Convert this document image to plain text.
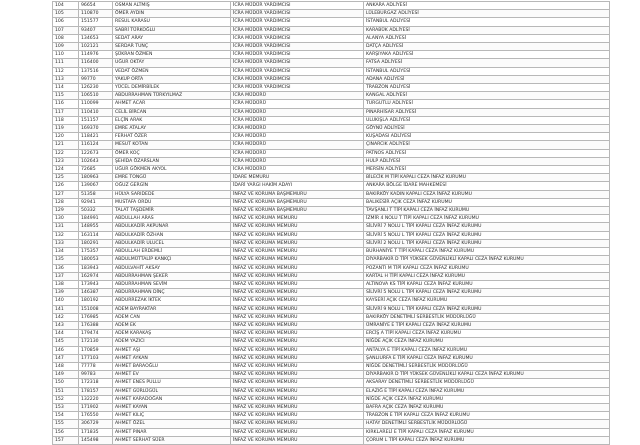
104	96654	OSMAN ALTMIŞ	İCRA MÜDÜR YARDIMCISI	ANKARA ADLİYESİ
105	110870	ÖMER AYDIN	İCRA MÜDÜR YARDIMCISI	LÜLEBURGAZ ADLİYESİ
106	151577	RESUL KARASU	İCRA MÜDÜR YARDIMCISI	İSTANBUL ADLİYESİ
107	93407	SABRİ TÜRKOĞLU	İCRA MÜDÜR YARDIMCISI	KARABÜK ADLİYESİ
108	134653	SEDAT ARAY	İCRA MÜDÜR YARDIMCISI	ALANYA ADLİYESİ
109	102121	SERDAR TUNÇ	İCRA MÜDÜR YARDIMCISI	DATÇA ADLİYESİ
110	114976	ŞÜKRAN ÖZMEN	İCRA MÜDÜR YARDIMCISI	KARŞIYAKA ADLİYESİ
111	116400	UĞUR OKTAY	İCRA MÜDÜR YARDIMCISI	FATSA ADLİYESİ
112	137516	VEDAT ÖZMEN	İCRA MÜDÜR YARDIMCISI	İSTANBUL ADLİYESİ
113	99770	YAKUP ORTA	İCRA MÜDÜR YARDIMCISI	ADANA ADLİYESİ
114	126230	YÜCEL DEMİRBİLEK	İCRA MÜDÜR YARDIMCISI	TRABZON ADLİYESİ
115	106510	ABDURRAHMAN TÜRKYILMAZ	İCRA MÜDÜRÜ	KANGAL ADLİYESİ
116	110099	AHMET ACAR	İCRA MÜDÜRÜ	TURGUTLU ADLİYESİ
117	110410	CELİL BİRCAN	İCRA MÜDÜRÜ	PINARHİSAR ADLİYESİ
118	151157	ELÇİN ARAK	İCRA MÜDÜRÜ	ULUKIŞLA ADLİYESİ
119	169370	EMRE ATALAY	İCRA MÜDÜRÜ	GÖYNÜ ADLİYESİ
120	118421	FERHAT ÖZER	İCRA MÜDÜRÜ	KUŞADASI ADLİYESİ
121	116124	MESUT KOTAN	İCRA MÜDÜRÜ	ÇINARCIK ADLİYESİ
122	122673	ÖMER KOÇ	İCRA MÜDÜRÜ	PATNOS ADLİYESİ
123	102643	ŞEHİDA ÖZARSLAN	İCRA MÜDÜRÜ	HULP ADLİYESİ
124	72685	UĞUR GÖKMEN AKYOL	İCRA MÜDÜRÜ	MERSİN ADLİYESİ
125	180963	EMRE TONGÜ	İDARE MEMURU	BİLECİK M TİPİ KAPALI CEZA İNFAZ KURUMU
126	139067	OĞUZ GERGİN	İDARİ YARGI HAKİM ADAYI	ANKARA BÖLGE İDARE MAHKEMESİ
127	51358	HÜLYA SARIDEDE	İNFAZ VE KORUMA BAŞMEMURU	BAKIRKÖY KADIN KAPALI CEZA İNFAZ KURUMU
128	92941	MUSTAFA ORDU	İNFAZ VE KORUMA BAŞMEMURU	BALIKESİR AÇIK CEZA İNFAZ KURUMU
129	50332	TALAT TAŞDEMİR	İNFAZ VE KORUMA BAŞMEMURU	TAVŞANLI T TİPİ KAPALI CEZA İNFAZ KURUMU
130	184991	ABDULLAH ARAS	İNFAZ VE KORUMA MEMURU	İZMİR 4 NOLU T TİPİ KAPALI CEZA İNFAZ KURUMU
131	148955	ABDULKADİR AKPUNAR	İNFAZ VE KORUMA MEMURU	SİLİVRİ 7 NOLU L TİPİ KAPALI CEZA İNFAZ KURUMU
132	163114	ABDULKADİR ÖZHAN	İNFAZ VE KORUMA MEMURU	SİLİVRİ 5 NOLU L TİPİ KAPALI CEZA İNFAZ KURUMU
133	180291	ABDULKADİR ULUCEL	İNFAZ VE KORUMA MEMURU	SİLİVRİ 2 NOLU L TİPİ KAPALI CEZA İNFAZ KURUMU
134	175357	ABDULLAH ERDEMLİ	İNFAZ VE KORUMA MEMURU	BURHANİYE T TİPİ KAPALI CEZA İNFAZ KURUMU
135	180053	ABDULMÜTTALİP KANKÇI	İNFAZ VE KORUMA MEMURU	DİYARBAKIR D TİPİ YÜKSEK GÜVENLİKLİ KAPALI CEZA İNFAZ KURUMU
136	183943	ABDULVAHİT AKSAY	İNFAZ VE KORUMA MEMURU	POZANTI M TİPİ KAPALI CEZA İNFAZ KURUMU
137	162974	ABDURRAHMAN ŞEKER	İNFAZ VE KORUMA MEMURU	KARTAL H TİPİ KAPALI CEZA İNFAZ KURUMU
138	173943	ABDURRAHMAN SEVİM	İNFAZ VE KORUMA MEMURU	ALTINOVA KS TİPİ KAPALI CEZA İNFAZ KURUMU
139	146387	ABDURRAHMAN DİNÇ	İNFAZ VE KORUMA MEMURU	SİLİVRİ 5 NOLU L TİPİ KAPALI CEZA İNFAZ KURUMU
140	180192	ABDURREZAK İKTEK	İNFAZ VE KORUMA MEMURU	KAYSERİ AÇIK CEZA İNFAZ KURUMU
141	151008	ADEM BAYRAKTAR	İNFAZ VE KORUMA MEMURU	SİLİVRİ 9 NOLU L TİPİ KAPALI CEZA İNFAZ KURUMU
142	176985	ADEM CAN	İNFAZ VE KORUMA MEMURU	BAKIRKÖY DENETİMLİ SERBESTLİK MÜDÜRLÜĞÜ
143	176388	ADEM EK	İNFAZ VE KORUMA MEMURU	ÜMRANİYE E TİPİ KAPALI CEZA İNFAZ KURUMU
144	179474	ADEM KARAKAŞ	İNFAZ VE KORUMA MEMURU	ERCİŞ A TİPİ KAPALI CEZA İNFAZ KURUMU
145	172130	ADEM YAZICI	İNFAZ VE KORUMA MEMURU	NİĞDE AÇIK CEZA İNFAZ KURUMU
146	170859	AHMET AŞI	İNFAZ VE KORUMA MEMURU	ANTALYA E TİPİ KAPALI CEZA İNFAZ KURUMU
147	177103	AHMET AYKAN	İNFAZ VE KORUMA MEMURU	ŞANLIURFA E TİPİ KAPALI CEZA İNFAZ KURUMU
148	77778	AHMET BARAOĞLU	İNFAZ VE KORUMA MEMURU	NİĞDE DENETİMLİ SERBESTLİK MÜDÜRLÜĞÜ
149	99783	AHMET EV	İNFAZ VE KORUMA MEMURU	DİYARBAKIR D TİPİ YÜKSEK GÜVENLİKLİ KAPALI CEZA İNFAZ KURUMU
150	172318	AHMET ENES PULLU	İNFAZ VE KORUMA MEMURU	AKSARAY DENETİMLİ SERBESTLİK MÜDÜRLÜĞÜ
151	178157	AHMET GÜRLÜGÜL	İNFAZ VE KORUMA MEMURU	ELAZIĞ E TİPİ KAPALI CEZA İNFAZ KURUMU
152	132220	AHMET KARADOĞAN	İNFAZ VE KORUMA MEMURU	NİĞDE AÇIK CEZA İNFAZ KURUMU
153	171902	AHMET KAYAN	İNFAZ VE KORUMA MEMURU	BAFRA AÇIK CEZA İNFAZ KURUMU
154	176550	AHMET KILIÇ	İNFAZ VE KORUMA MEMURU	TRABZON E TİPİ KAPALI CEZA İNFAZ KURUMU
155	306729	AHMET ÖZEL	İNFAZ VE KORUMA MEMURU	HATAY DENETİMLİ SERBESTLİK MÜDÜRLÜĞÜ
156	171835	AHMET PINAR	İNFAZ VE KORUMA MEMURU	KIRKLARELİ E TİPİ KAPALI CEZA İNFAZ KURUMU
157	145498	AHMET SERHAT SÜER	İNFAZ VE KORUMA MEMURU	ÇORUM L TİPİ KAPALI CEZA İNFAZ KURUMU
